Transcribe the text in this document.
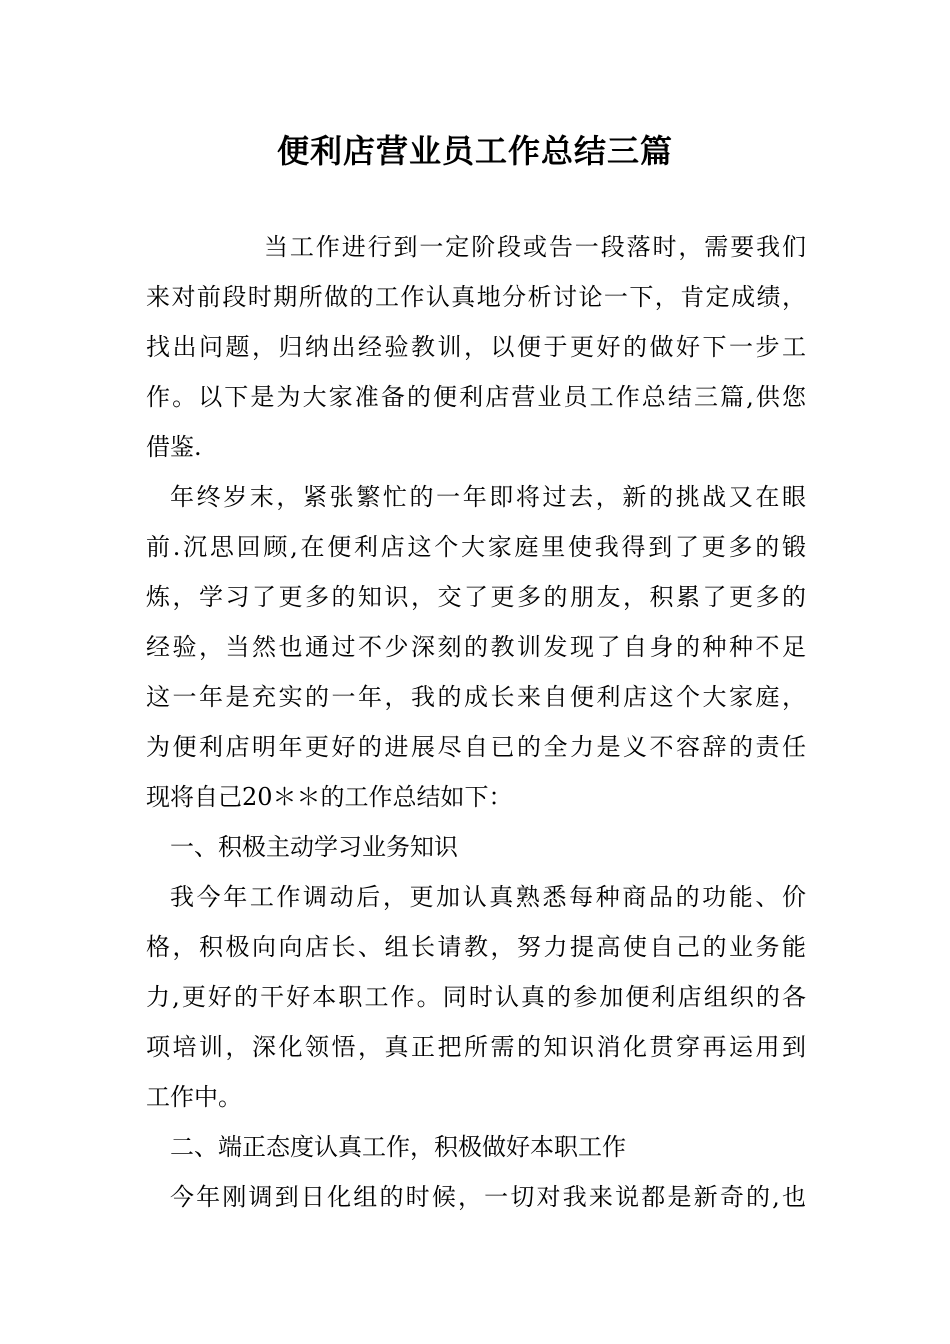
便利店营业员工作总结三篇
当工作进行到一定阶段或告一段落时，需要我们
来对前段时期所做的工作认真地分析讨论一下，肯定成绩，
找出问题，归纳出经验教训，以便于更好的做好下一步工
作。以下是为大家准备的便利店营业员工作总结三篇,供您
借鉴.
年终岁末，紧张繁忙的一年即将过去，新的挑战又在眼
前.沉思回顾,在便利店这个大家庭里使我得到了更多的锻
炼，学习了更多的知识，交了更多的朋友，积累了更多的
经验，当然也通过不少深刻的教训发现了自身的种种不足
这一年是充实的一年，我的成长来自便利店这个大家庭，
为便利店明年更好的进展尽自已的全力是义不容辞的责任
现将自己20＊＊的工作总结如下：
一、积极主动学习业务知识
我今年工作调动后，更加认真熟悉每种商品的功能、价
格，积极向向店长、组长请教，努力提高使自己的业务能
力,更好的干好本职工作。同时认真的参加便利店组织的各
项培训，深化领悟，真正把所需的知识消化贯穿再运用到
工作中。
二、端正态度认真工作，积极做好本职工作
今年刚调到日化组的时候，一切对我来说都是新奇的,也
